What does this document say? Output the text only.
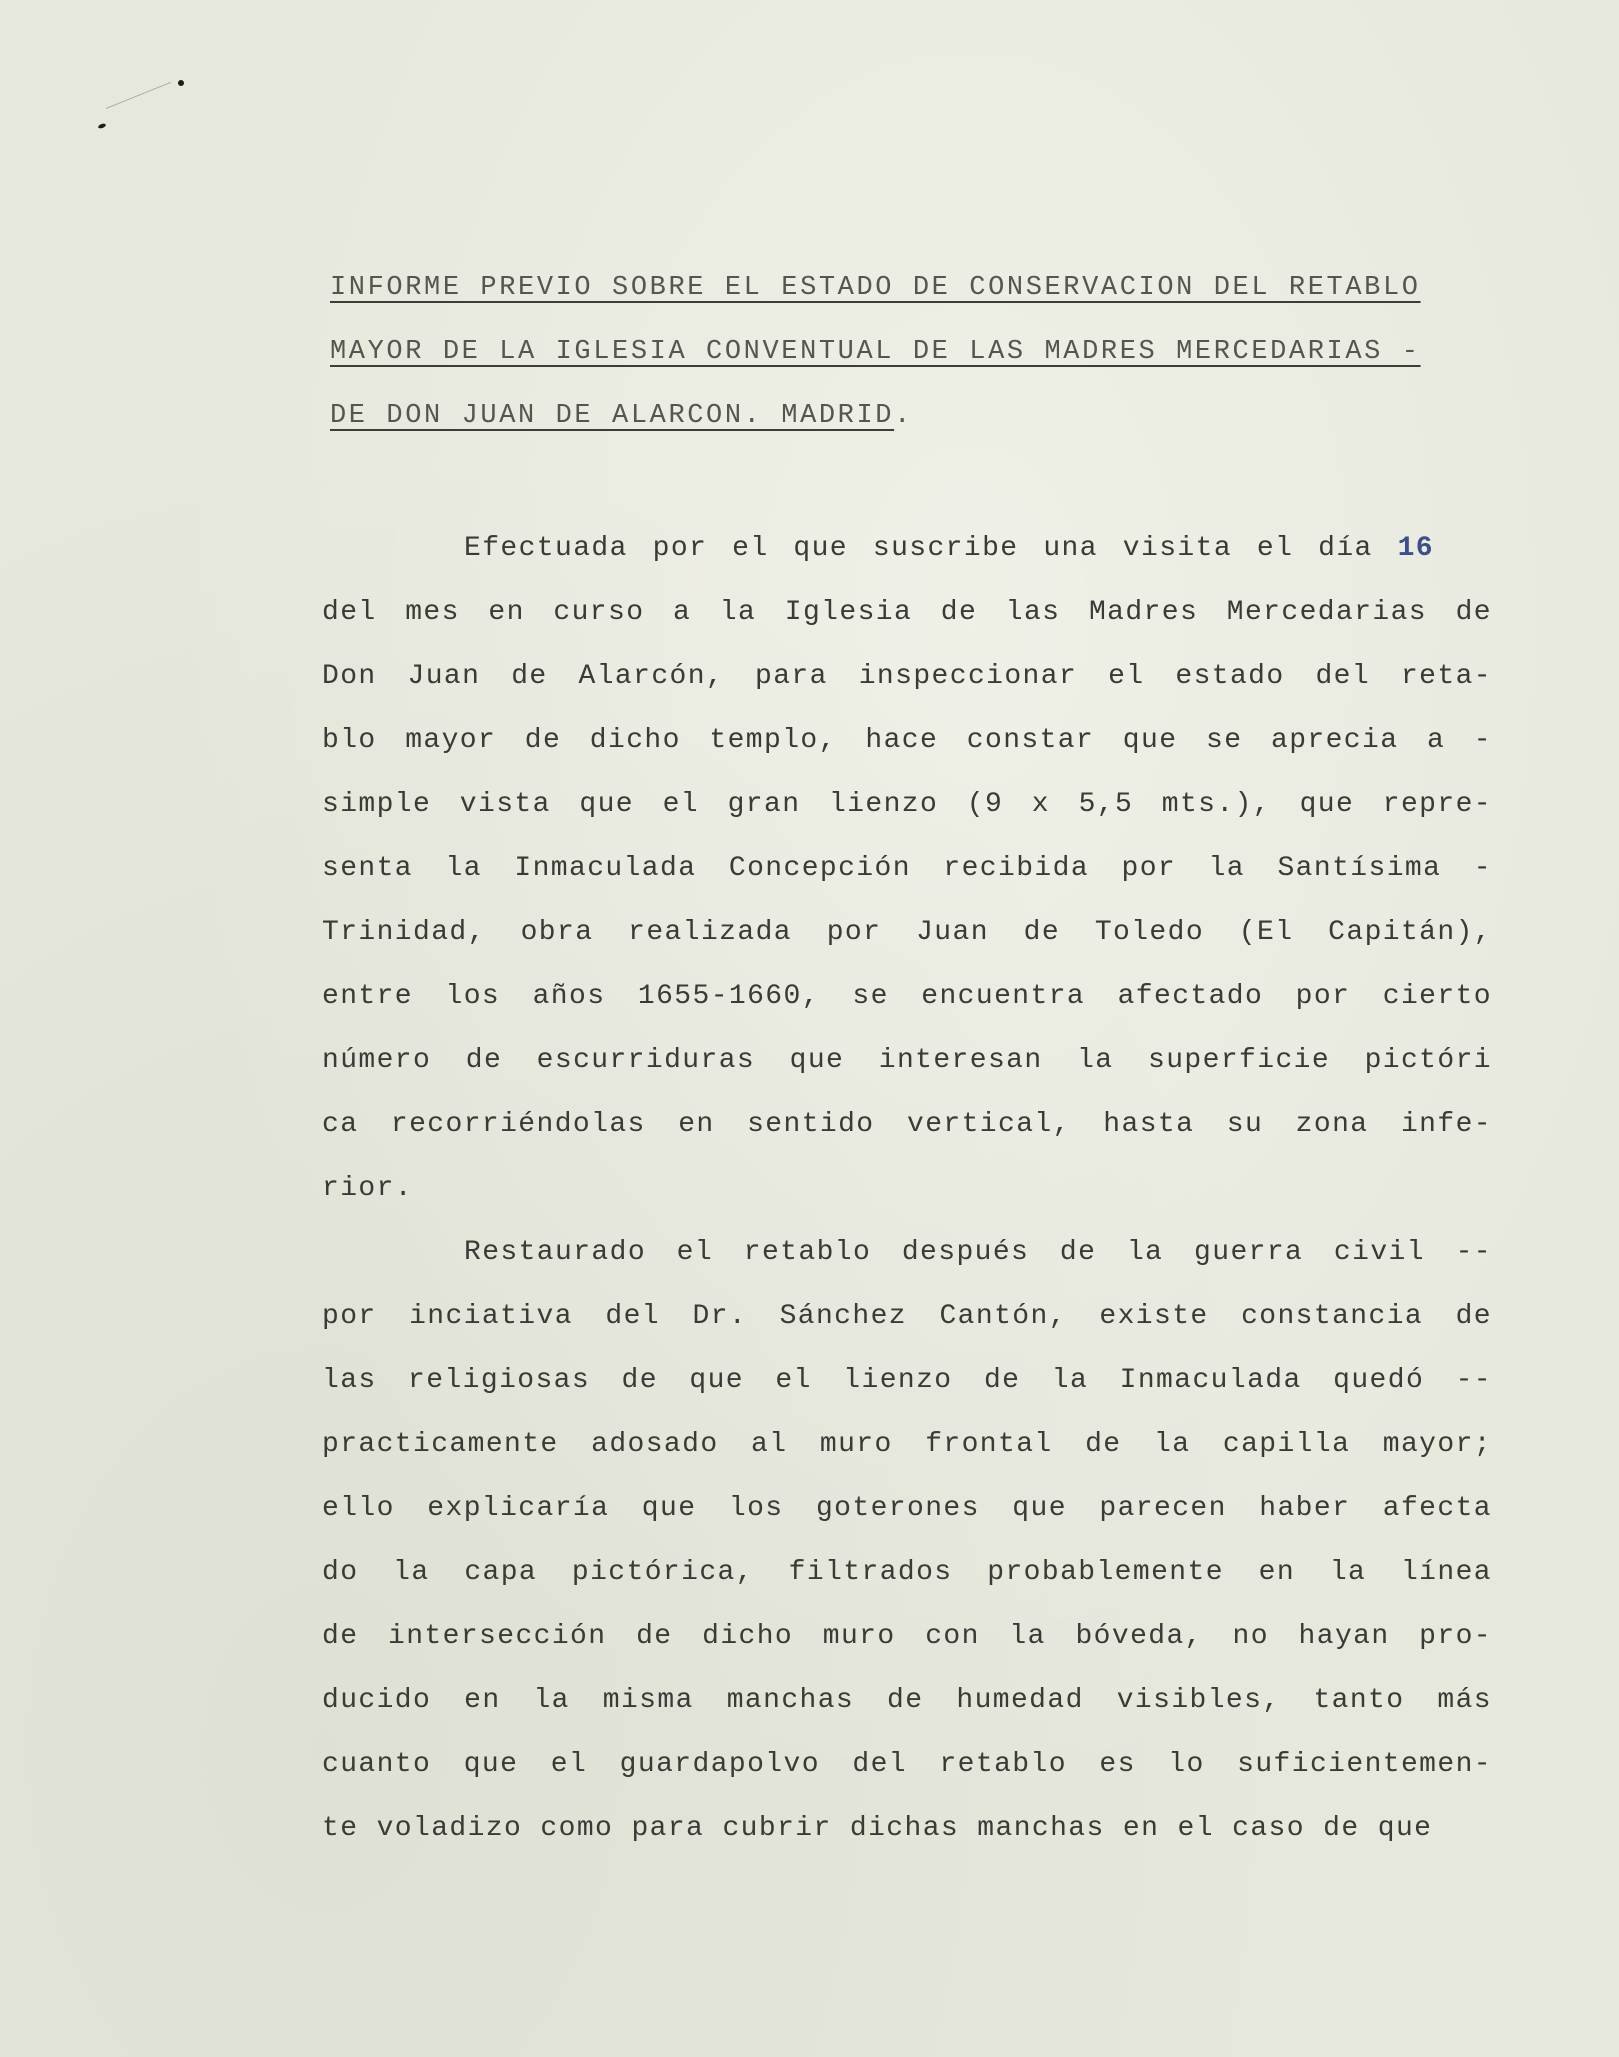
INFORME PREVIO SOBRE EL ESTADO DE CONSERVACION DEL RETABLO
MAYOR DE LA IGLESIA CONVENTUAL DE LAS MADRES MERCEDARIAS -
DE DON JUAN DE ALARCON. MADRID.
Efectuada por el que suscribe una visita el día 16
del mes en curso a la Iglesia de las Madres Mercedarias de
Don Juan de Alarcón, para inspeccionar el estado del reta-
blo mayor de dicho templo, hace constar que se aprecia a -
simple vista que el gran lienzo (9 x 5,5 mts.), que repre-
senta la Inmaculada Concepción recibida por la Santísima -
Trinidad, obra realizada por Juan de Toledo (El Capitán),
entre los años 1655-1660, se encuentra afectado por cierto
número de escurriduras que interesan la superficie pictóri
ca recorriéndolas en sentido vertical, hasta su zona infe-
rior.
Restaurado el retablo después de la guerra civil --
por inciativa del Dr. Sánchez Cantón, existe constancia de
las religiosas de que el lienzo de la Inmaculada quedó --
practicamente adosado al muro frontal de la capilla mayor;
ello explicaría que los goterones que parecen haber afecta
do la capa pictórica, filtrados probablemente en la línea
de intersección de dicho muro con la bóveda, no hayan pro-
ducido en la misma manchas de humedad visibles, tanto más
cuanto que el guardapolvo del retablo es lo suficientemen-
te voladizo como para cubrir dichas manchas en el caso de que
